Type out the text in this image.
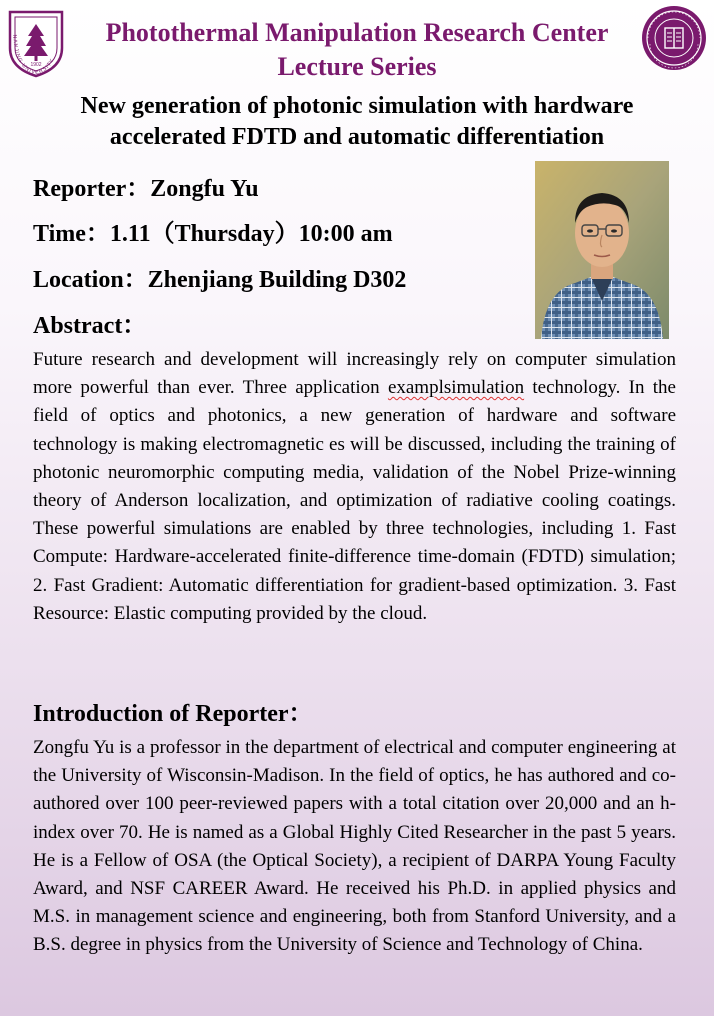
1902
NANJING UNIVERSITY
Photothermal Manipulation Research Center
Lecture Series
New generation of photonic simulation with hardware accelerated FDTD and automatic differentiation
Reporter：Zongfu Yu
Time：1.11（Thursday）10:00 am
Location：Zhenjiang Building D302
Abstract：
Future research and development will increasingly rely on computer simulation more powerful than ever. Three application examplsimulation technology. In the field of optics and photonics, a new generation of hardware and software technology is making electromagnetic es will be discussed, including the training of photonic neuromorphic computing media, validation of the Nobel Prize-winning theory of Anderson localization, and optimization of radiative cooling coatings. These powerful simulations are enabled by three technologies, including 1. Fast Compute: Hardware-accelerated finite-difference time-domain (FDTD) simulation; 2. Fast Gradient: Automatic differentiation for gradient-based optimization. 3. Fast Resource: Elastic computing provided by the cloud.
Introduction of Reporter：
Zongfu Yu is a professor in the department of electrical and computer engineering at the University of Wisconsin-Madison. In the field of optics, he has authored and co-authored over 100 peer-reviewed papers with a total citation over 20,000 and an h-index over 70. He is named as a Global Highly Cited Researcher in the past 5 years. He is a Fellow of OSA (the Optical Society), a recipient of DARPA Young Faculty Award, and NSF CAREER Award. He received his Ph.D. in applied physics and M.S. in management science and engineering, both from Stanford University, and a B.S. degree in physics from the University of Science and Technology of China.
